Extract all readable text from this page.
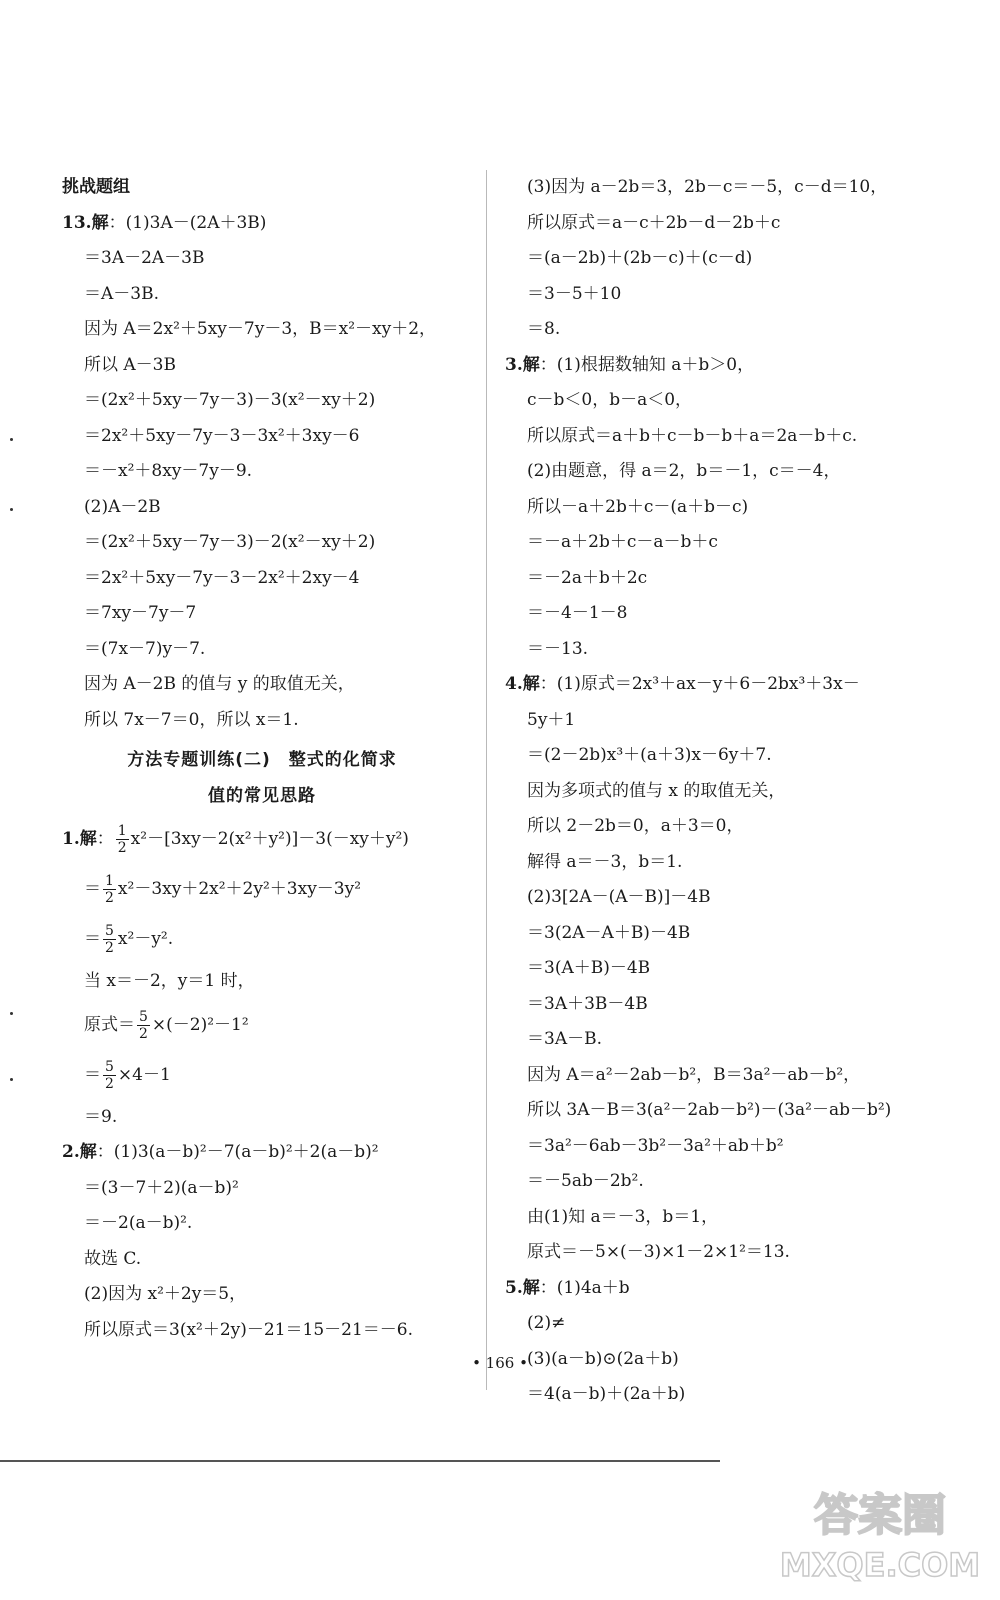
挑战题组
13.解：(1)3A－(2A＋3B)
＝3A－2A－3B
＝A－3B.
因为 A＝2x²＋5xy－7y－3，B＝x²－xy＋2，
所以 A－3B
＝(2x²＋5xy－7y－3)－3(x²－xy＋2)
＝2x²＋5xy－7y－3－3x²＋3xy－6
＝－x²＋8xy－7y－9.
(2)A－2B
＝(2x²＋5xy－7y－3)－2(x²－xy＋2)
＝2x²＋5xy－7y－3－2x²＋2xy－4
＝7xy－7y－7
＝(7x－7)y－7.
因为 A－2B 的值与 y 的取值无关，
所以 7x－7＝0，所以 x＝1.
方法专题训练(二)　整式的化简求
值的常见思路
1.解： $\frac{1}{2} x^2-[3xy-2(x^2+y^2)]-3(-xy+y^2)$
＝ $\frac{1}{2} x^2-3xy+2x^2+2y^2+3xy-3y^2$
＝ $\frac{5}{2} x^2-y^2$.
当 x＝－2，y＝1 时，
原式＝ $\frac{5}{2} \times(-2)^2-1^2$
＝ $\frac{5}{2} \times 4-1$
＝9.
2.解：(1)3(a－b)²－7(a－b)²＋2(a－b)²
＝(3－7＋2)(a－b)²
＝－2(a－b)².
故选 C.
(2)因为 x²＋2y＝5，
所以原式＝3(x²＋2y)－21＝15－21＝－6.
(3)因为 a－2b＝3，2b－c＝－5，c－d＝10，
所以原式＝a－c＋2b－d－2b＋c
＝(a－2b)＋(2b－c)＋(c－d)
＝3－5＋10
＝8.
3.解：(1)根据数轴知 a＋b＞0，
c－b＜0，b－a＜0，
所以原式＝a＋b＋c－b－b＋a＝2a－b＋c.
(2)由题意，得 a＝2，b＝－1，c＝－4，
所以－a＋2b＋c－(a＋b－c)
＝－a＋2b＋c－a－b＋c
＝－2a＋b＋2c
＝－4－1－8
＝－13.
4.解：(1)原式＝2x³＋ax－y＋6－2bx³＋3x－
5y＋1
＝(2－2b)x³＋(a＋3)x－6y＋7.
因为多项式的值与 x 的取值无关，
所以 2－2b＝0，a＋3＝0，
解得 a＝－3，b＝1.
(2)3[2A－(A－B)]－4B
＝3(2A－A＋B)－4B
＝3(A＋B)－4B
＝3A＋3B－4B
＝3A－B.
因为 A＝a²－2ab－b²，B＝3a²－ab－b²，
所以 3A－B＝3(a²－2ab－b²)－(3a²－ab－b²)
＝3a²－6ab－3b²－3a²＋ab＋b²
＝－5ab－2b².
由(1)知 a＝－3，b＝1，
原式＝－5×(－3)×1－2×1²＝13.
5.解：(1)4a＋b
(2)≠
(3)(a－b)⊙(2a＋b)
＝4(a－b)＋(2a＋b)
• 166 •
答案圈
MXQE.COM
